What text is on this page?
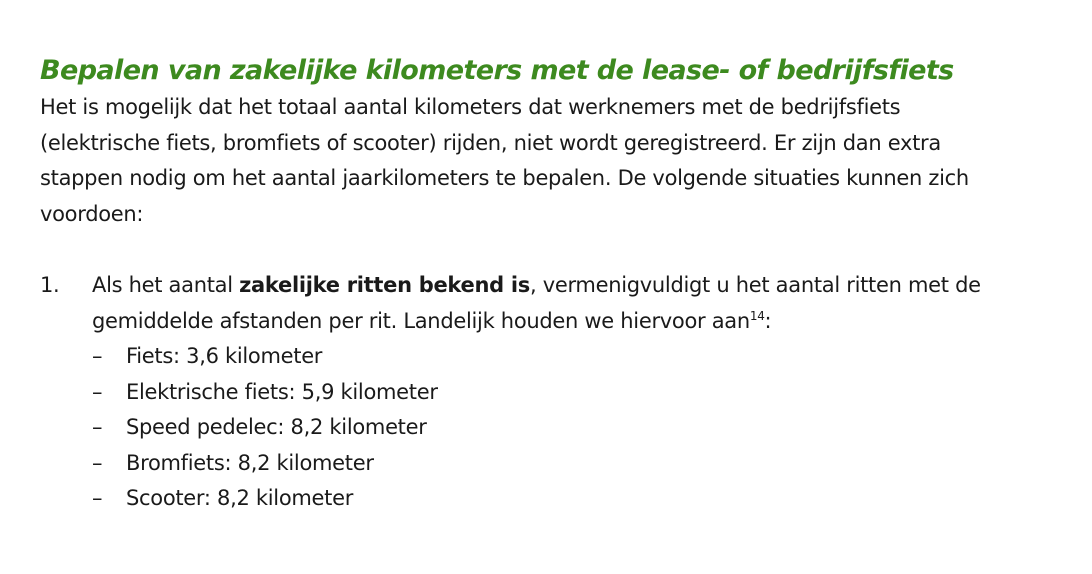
Bepalen van zakelijke kilometers met de lease- of bedrijfsfiets

Het is mogelijk dat het totaal aantal kilometers dat werknemers met de bedrijfsfiets
(elektrische fiets, bromfiets of scooter) rijden, niet wordt geregistreerd. Er zijn dan extra
stappen nodig om het aantal jaarkilometers te bepalen. De volgende situaties kunnen zich
voordoen:

1. Als het aantal zakelijke ritten bekend is, vermenigvuldigt u het aantal ritten met de
gemiddelde afstanden per rit. Landelijk houden we hiervoor aan$^{14}$:
– Fiets: 3,6 kilometer
– Elektrische fiets: 5,9 kilometer
– Speed pedelec: 8,2 kilometer
– Bromfiets: 8,2 kilometer
– Scooter: 8,2 kilometer
